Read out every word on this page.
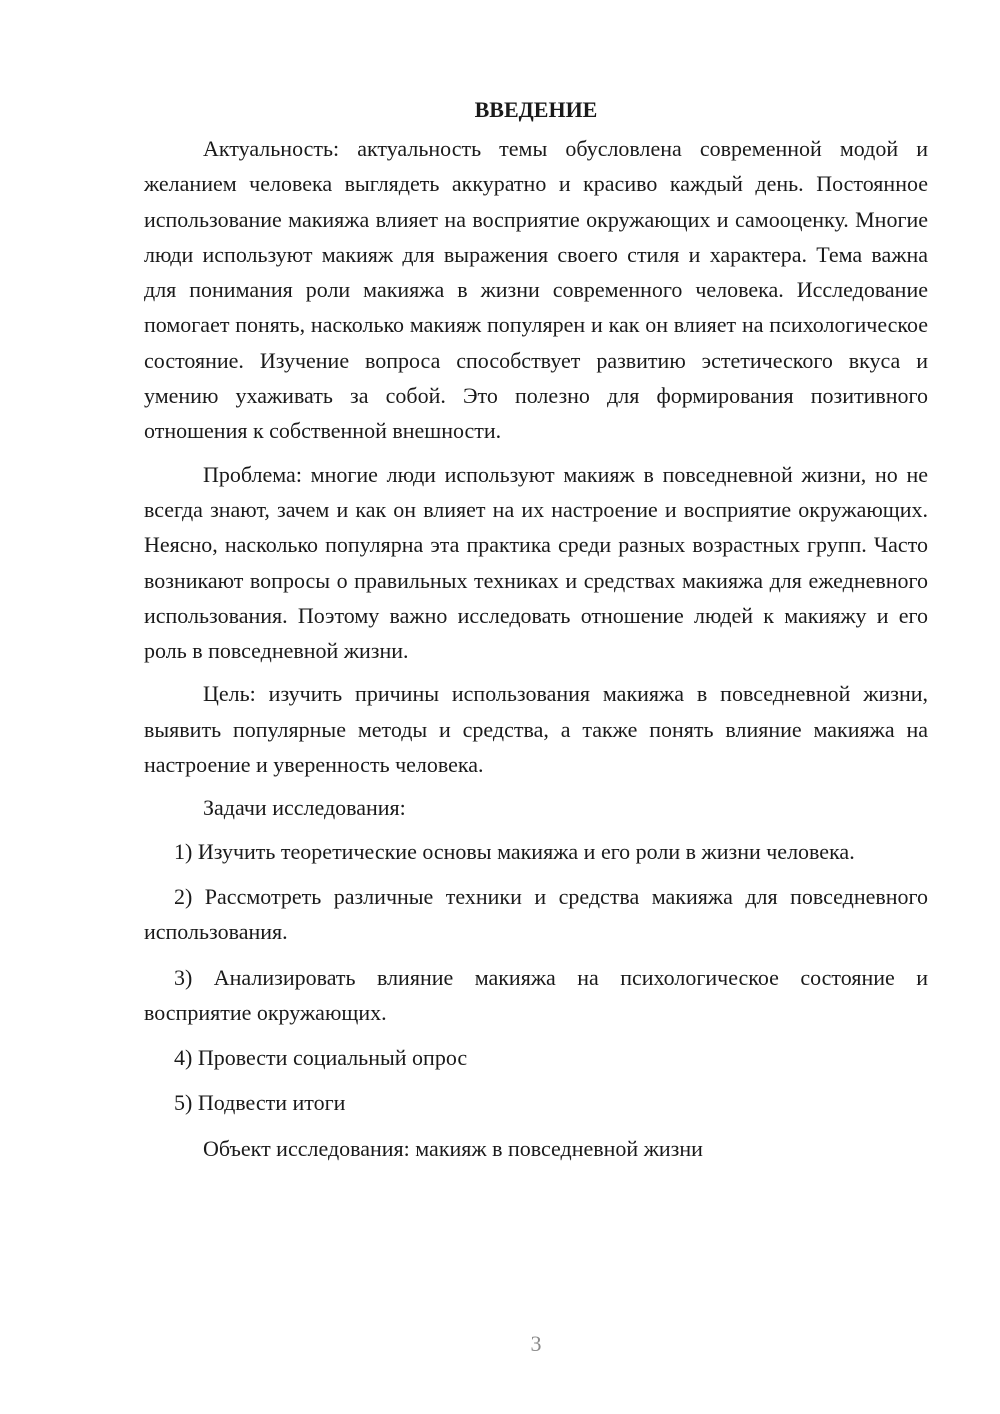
ВВЕДЕНИЕ

Актуальность: актуальность темы обусловлена современной модой и желанием человека выглядеть аккуратно и красиво каждый день. Постоянное использование макияжа влияет на восприятие окружающих и самооценку. Многие люди используют макияж для выражения своего стиля и характера. Тема важна для понимания роли макияжа в жизни современного человека. Исследование помогает понять, насколько макияж популярен и как он влияет на психологическое состояние. Изучение вопроса способствует развитию эстетического вкуса и умению ухаживать за собой. Это полезно для формирования позитивного отношения к собственной внешности.

Проблема: многие люди используют макияж в повседневной жизни, но не всегда знают, зачем и как он влияет на их настроение и восприятие окружающих. Неясно, насколько популярна эта практика среди разных возрастных групп. Часто возникают вопросы о правильных техниках и средствах макияжа для ежедневного использования. Поэтому важно исследовать отношение людей к макияжу и его роль в повседневной жизни.

Цель: изучить причины использования макияжа в повседневной жизни, выявить популярные методы и средства, а также понять влияние макияжа на настроение и уверенность человека.

Задачи исследования:

1) Изучить теоретические основы макияжа и его роли в жизни человека.

2) Рассмотреть различные техники и средства макияжа для повседневного использования.

3) Анализировать влияние макияжа на психологическое состояние и восприятие окружающих.

4) Провести социальный опрос

5) Подвести итоги

Объект исследования: макияж в повседневной жизни

3
